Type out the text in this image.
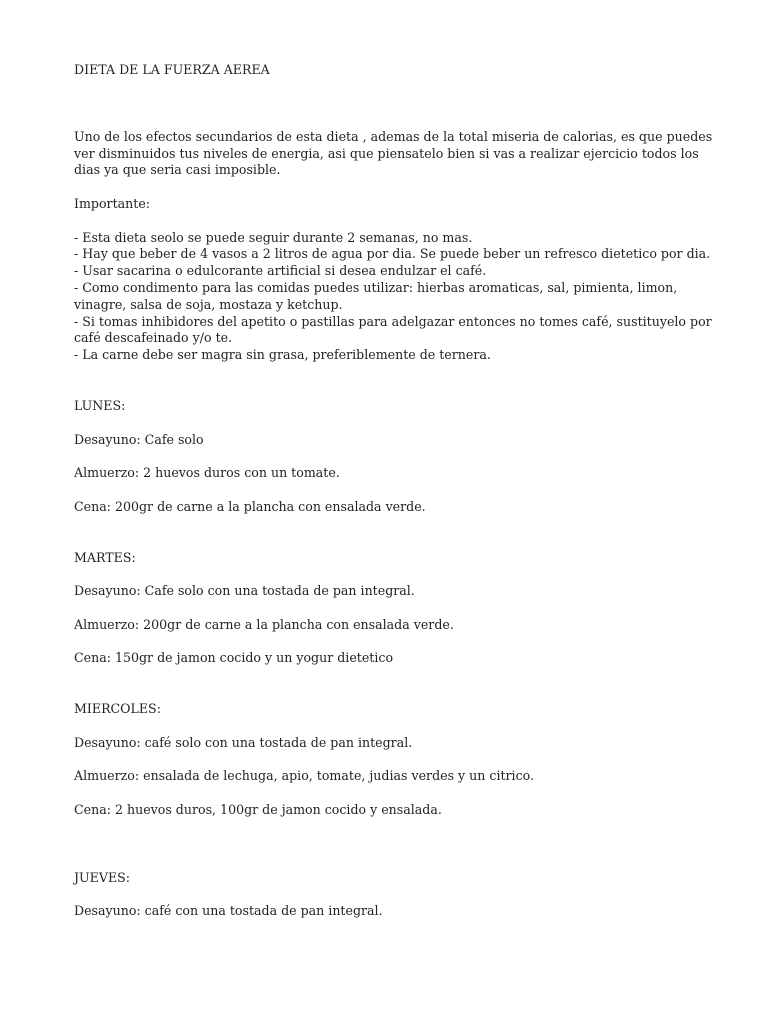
DIETA DE LA FUERZA AEREA
Uno de los efectos secundarios de esta dieta , ademas de la total miseria de calorias, es que puedes
ver disminuidos tus niveles de energia, asi que piensatelo bien si vas a realizar ejercicio todos los
dias ya que seria casi imposible.
Importante:
- Esta dieta seolo se puede seguir durante 2 semanas, no mas.
- Hay que beber de 4 vasos a 2 litros de agua por dia. Se puede beber un refresco dietetico por dia.
- Usar sacarina o edulcorante artificial si desea endulzar el café.
- Como condimento para las comidas puedes utilizar: hierbas aromaticas, sal, pimienta, limon,
vinagre, salsa de soja, mostaza y ketchup.
- Si tomas inhibidores del apetito o pastillas para adelgazar entonces no tomes café, sustituyelo por
café descafeinado y/o te.
- La carne debe ser magra sin grasa, preferiblemente de ternera.
LUNES:
Desayuno: Cafe solo
Almuerzo: 2 huevos duros con un tomate.
Cena: 200gr de carne a la plancha con ensalada verde.
MARTES:
Desayuno: Cafe solo con una tostada de pan integral.
Almuerzo: 200gr de carne a la plancha con ensalada verde.
Cena: 150gr de jamon cocido y un yogur dietetico
MIERCOLES:
Desayuno: café solo con una tostada de pan integral.
Almuerzo: ensalada de lechuga, apio, tomate, judias verdes y un citrico.
Cena: 2 huevos duros, 100gr de jamon cocido y ensalada.
JUEVES:
Desayuno: café con una tostada de pan integral.
